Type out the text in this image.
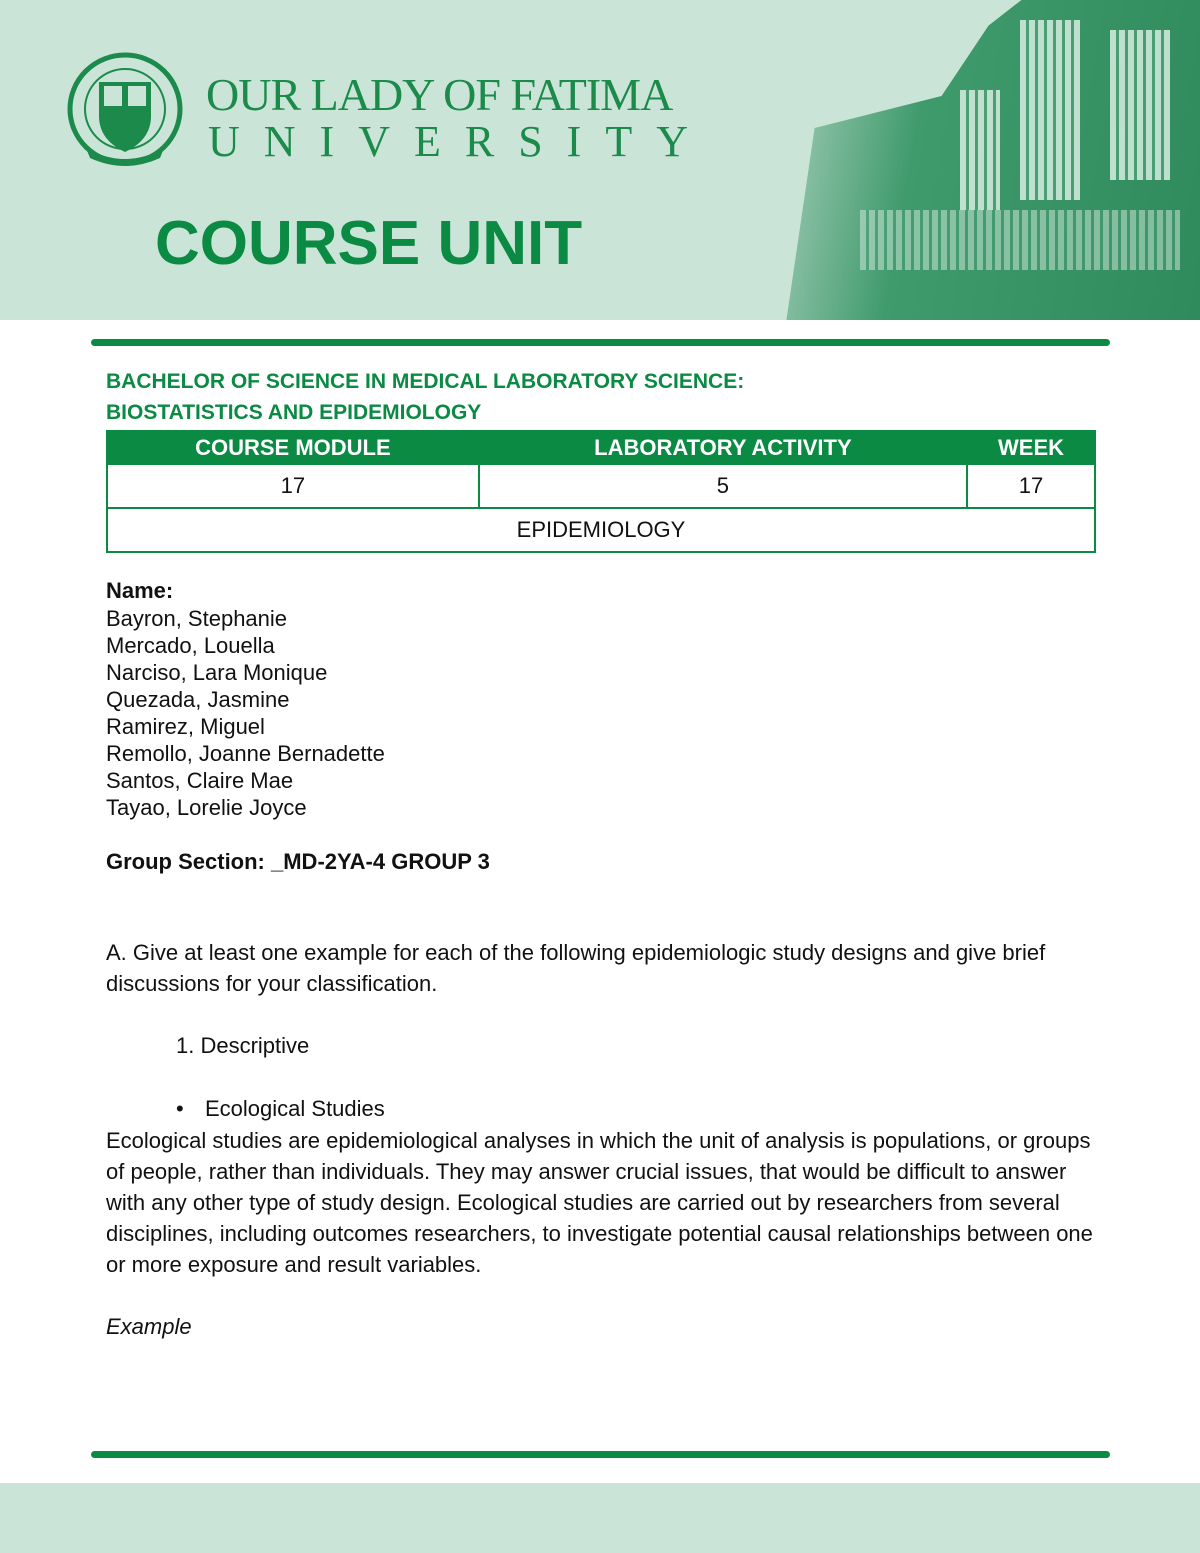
OUR LADY OF FATIMA
UNIVERSITY
COURSE UNIT
BACHELOR OF SCIENCE IN MEDICAL LABORATORY SCIENCE:
BIOSTATISTICS AND EPIDEMIOLOGY
COURSE MODULE	LABORATORY ACTIVITY	WEEK
17	5	17
EPIDEMIOLOGY		
Name:
Bayron, Stephanie
Mercado, Louella
Narciso, Lara Monique
Quezada, Jasmine
Ramirez, Miguel
Remollo, Joanne Bernadette
Santos, Claire Mae
Tayao, Lorelie Joyce
Group Section: _MD-2YA-4 GROUP 3
A. Give at least one example for each of the following epidemiologic study designs and give brief discussions for your classification.
1. Descriptive
• Ecological Studies
Ecological studies are epidemiological analyses in which the unit of analysis is populations, or groups of people, rather than individuals. They may answer crucial issues, that would be difficult to answer with any other type of study design. Ecological studies are carried out by researchers from several disciplines, including outcomes researchers, to investigate potential causal relationships between one or more exposure and result variables.
Example
